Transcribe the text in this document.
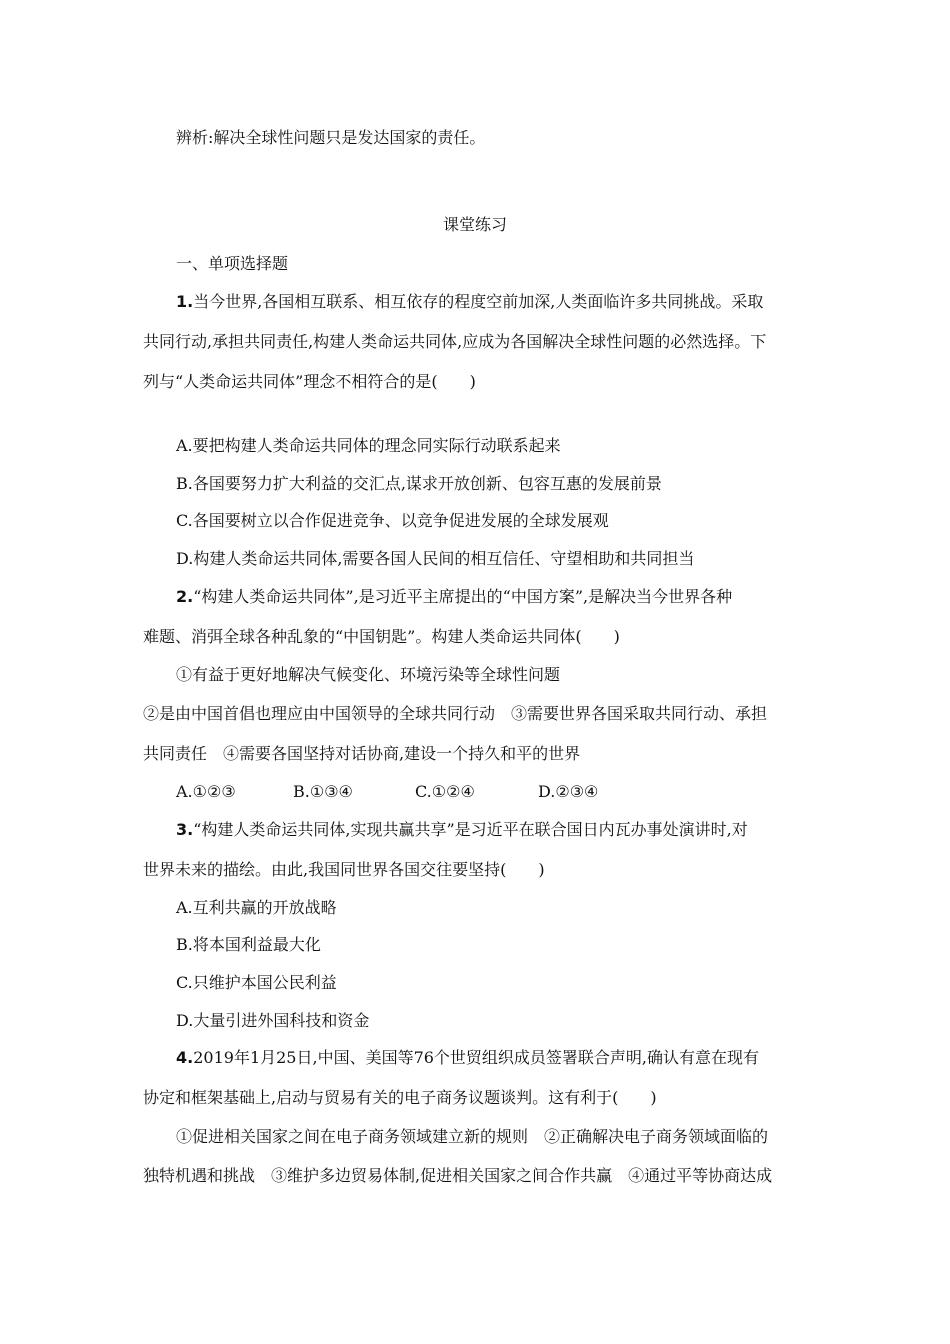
辨析:解决全球性问题只是发达国家的责任。
课堂练习
一、单项选择题
1.当今世界,各国相互联系、相互依存的程度空前加深,人类面临许多共同挑战。采取
共同行动,承担共同责任,构建人类命运共同体,应成为各国解决全球性问题的必然选择。下
列与“人类命运共同体”理念不相符合的是(　　)
A.要把构建人类命运共同体的理念同实际行动联系起来
B.各国要努力扩大利益的交汇点,谋求开放创新、包容互惠的发展前景
C.各国要树立以合作促进竞争、以竞争促进发展的全球发展观
D.构建人类命运共同体,需要各国人民间的相互信任、守望相助和共同担当
2.“构建人类命运共同体”,是习近平主席提出的“中国方案”,是解决当今世界各种
难题、消弭全球各种乱象的“中国钥匙”。构建人类命运共同体(　　)
①有益于更好地解决气候变化、环境污染等全球性问题
②是由中国首倡也理应由中国领导的全球共同行动　③需要世界各国采取共同行动、承担
共同责任　④需要各国坚持对话协商,建设一个持久和平的世界
A.①②③	B.①③④	C.①②④	D.②③④
3.“构建人类命运共同体,实现共赢共享”是习近平在联合国日内瓦办事处演讲时,对
世界未来的描绘。由此,我国同世界各国交往要坚持(　　)
A.互利共赢的开放战略
B.将本国利益最大化
C.只维护本国公民利益
D.大量引进外国科技和资金
4.2019年1月25日,中国、美国等76个世贸组织成员签署联合声明,确认有意在现有
协定和框架基础上,启动与贸易有关的电子商务议题谈判。这有利于(　　)
①促进相关国家之间在电子商务领域建立新的规则　②正确解决电子商务领域面临的
独特机遇和挑战　③维护多边贸易体制,促进相关国家之间合作共赢　④通过平等协商达成
